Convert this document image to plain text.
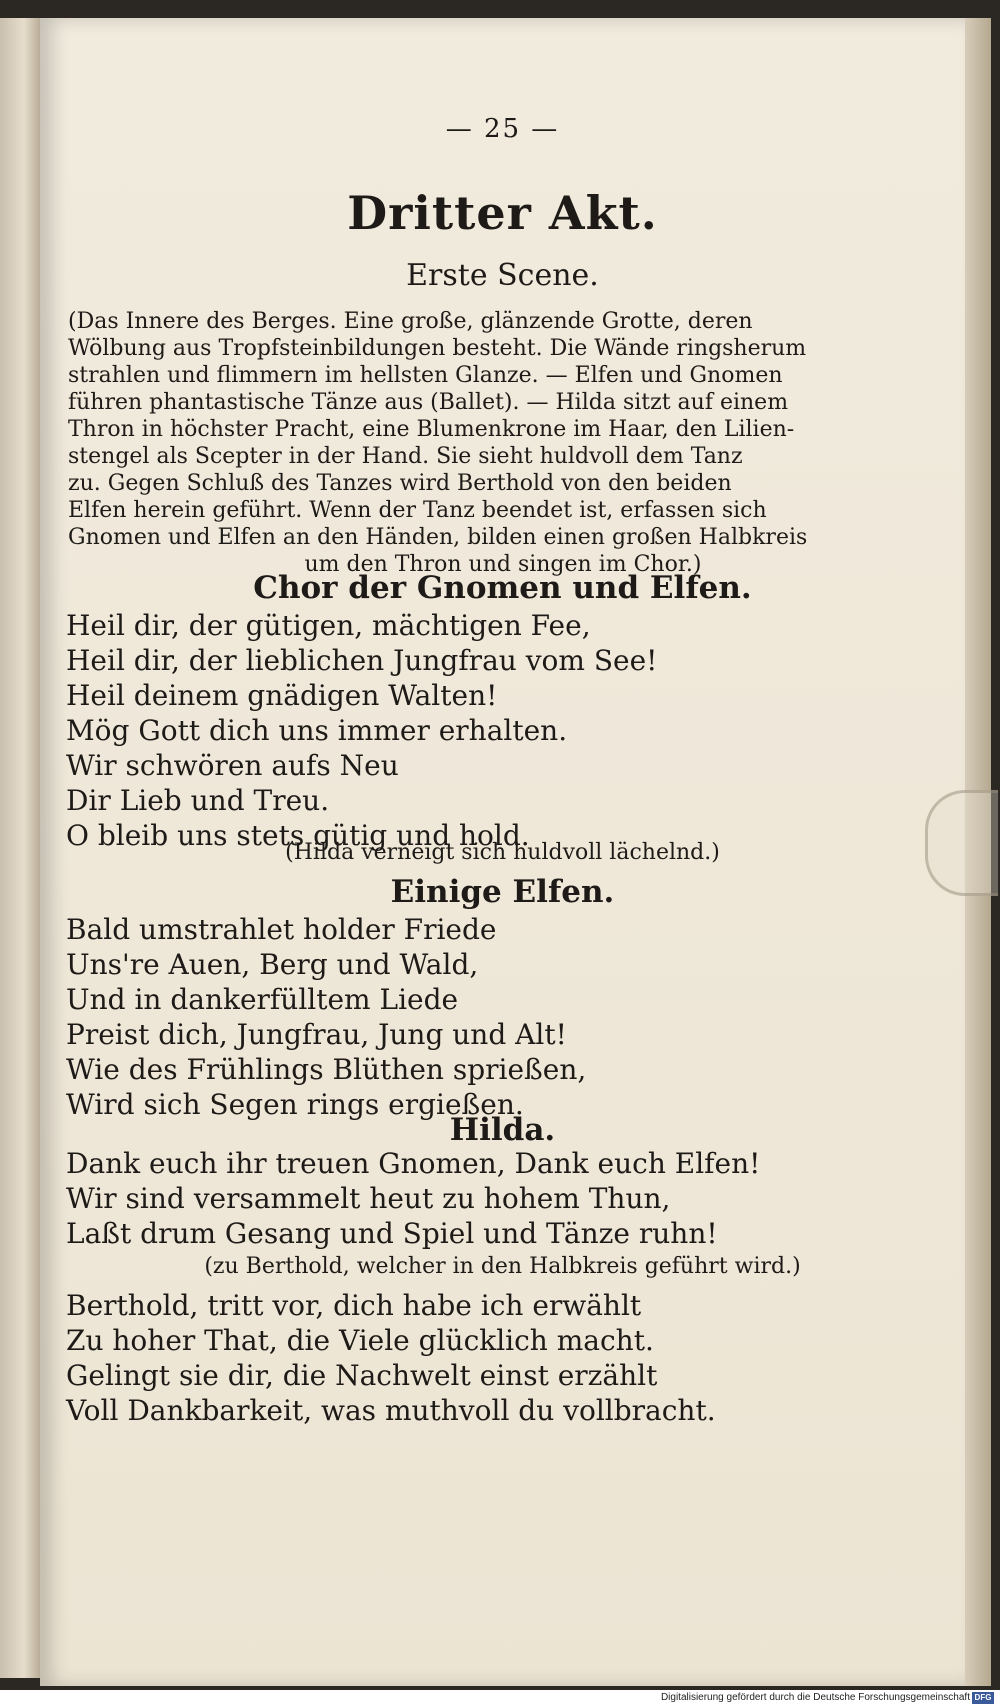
— 25 —
Dritter Akt.
Erste Scene.
(Das Innere des Berges. Eine große, glänzende Grotte, deren
Wölbung aus Tropfsteinbildungen besteht. Die Wände ringsherum
strahlen und flimmern im hellsten Glanze. — Elfen und Gnomen
führen phantastische Tänze aus (Ballet). — Hilda sitzt auf einem
Thron in höchster Pracht, eine Blumenkrone im Haar, den Lilien-
stengel als Scepter in der Hand. Sie sieht huldvoll dem Tanz
zu. Gegen Schluß des Tanzes wird Berthold von den beiden
Elfen herein geführt. Wenn der Tanz beendet ist, erfassen sich
Gnomen und Elfen an den Händen, bilden einen großen Halbkreis
um den Thron und singen im Chor.)
Chor der Gnomen und Elfen.
Heil dir, der gütigen, mächtigen Fee,
Heil dir, der lieblichen Jungfrau vom See!
Heil deinem gnädigen Walten!
Mög Gott dich uns immer erhalten.
Wir schwören aufs Neu
Dir Lieb und Treu.
O bleib uns stets gütig und hold.
(Hilda verneigt sich huldvoll lächelnd.)
Einige Elfen.
Bald umstrahlet holder Friede
Uns're Auen, Berg und Wald,
Und in dankerfülltem Liede
Preist dich, Jungfrau, Jung und Alt!
Wie des Frühlings Blüthen sprießen,
Wird sich Segen rings ergießen.
Hilda.
Dank euch ihr treuen Gnomen, Dank euch Elfen!
Wir sind versammelt heut zu hohem Thun,
Laßt drum Gesang und Spiel und Tänze ruhn!
(zu Berthold, welcher in den Halbkreis geführt wird.)
Berthold, tritt vor, dich habe ich erwählt
Zu hoher That, die Viele glücklich macht.
Gelingt sie dir, die Nachwelt einst erzählt
Voll Dankbarkeit, was muthvoll du vollbracht.
Digitalisierung gefördert durch die Deutsche Forschungsgemeinschaft DFG
